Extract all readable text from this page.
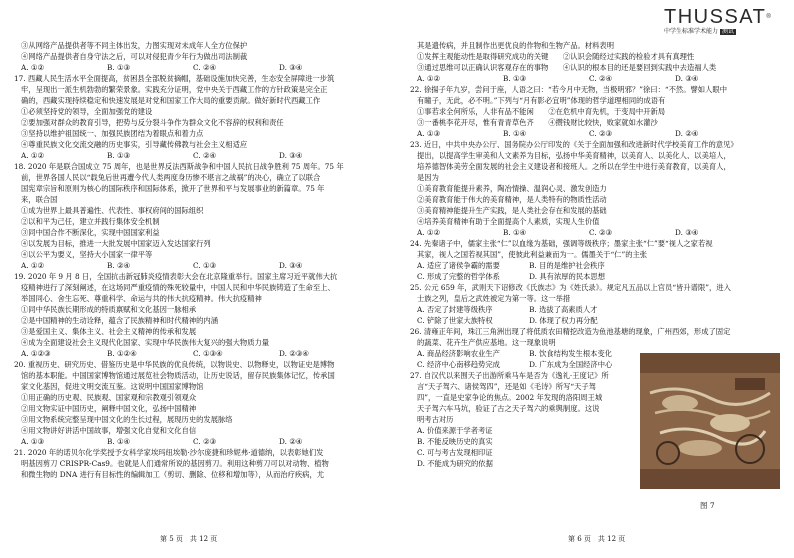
③从网络产品提供者等不同主体出发，力图实现对未成年人全方位保护

④网络产品提供者自身守法之后，可以对侵犯青少年行为做出司法制裁

A. ①②	B. ①③	C. ②④	D. ③④

17. 西藏人民生活水平全面提高，贫困县全部脱贫摘帽，基础设施加快完善，生态安全屏障进一步筑

牢，呈现出一派生机勃勃的繁荣景象。实践充分证明，党中央关于西藏工作的方针政策是完全正

确的，西藏实现持续稳定和快速发展是对党和国家工作大局的重要贡献。做好新时代西藏工作

①必须坚持党的领导，全面加强党的建设

②要加强对群众的教育引导，把势与反分裂斗争作为群众文化不容辞的权利和责任

③坚持以维护祖国统一、加强民族团结为着眼点和着力点

④尊重民族文化交流交融的历史事实，引导藏传佛教与社会主义相适应

A. ①②	B. ①③	C. ②④	D. ③④

18. 2020 年是联合国成立 75 周年，也是世界反法西斯战争和中国人民抗日战争胜利 75 周年。75 年

前，世界各国人民以“载兔后世再遭今代人类两度身历惨不堪言之战祸”的决心，确立了以联合

国宪章宗旨和原则为核心的国际秩序和国际体系，掀开了世界和平与发展事业的新篇章。75 年

来，联合国

①成为世界上最具普遍性、代表性、事权府间的国际组织

②以和平为己任，建立并践行集体安全机制

③同中国合作不断深化，实现中国国家利益

④以发展为目标，推进一大批发展中国家迈入发达国家行列

④以公平为要义，坚持大小国家一律平等

A. ①②	B. ②④	C. ①③	D. ③④

19. 2020 年 9 月 8 日，全国抗击新冠肺炎疫情表彰大会在北京隆重举行。国家主席习近平就伟大抗

疫精神进行了深刻阐述，在这场同严重疫情的殊死较量中，中国人民和中华民族铸造了生命至上、

举国同心、舍生忘死、尊重科学、命运与共的伟大抗疫精神。伟大抗疫精神

①同中华民族长期形成的特质禀赋和文化基因一脉相承

②是中国精神的生动诠释，蕴含了民族精神和时代精神的内涵

③是爱国主义、集体主义、社会主义精神的传承和发展

④成为全面建设社会主义现代化国家、实现中华民族伟大复兴的强大物质力量

A. ①②③	B. ①②④	C. ①③④	D. ②③④

20. 重视历史、研究历史、借鉴历史是中华民族的优良传统，以物说史、以物释史，以物证史是博物

馆的基本职能。中国国家博物馆通过展览社会物质活动，让历史说话，留存民族集体记忆，传承国

家文化基因，促进文明交流互鉴。这说明中国国家博物馆

①用正确的历史观、民族观、国家观和宗教观引领观众

②用文物实证中国历史，阐释中国文化，弘扬中国精神

③用文物系统完整呈现中国文化的生长过程，展现历史的发展脉络

④用文物讲好讲活中国故事，增强文化自觉和文化自信

A. ①③	B. ①④	C. ②③	D. ②④

21. 2020 年的诺贝尔化学奖授予女科学家埃玛纽埃勒·沙尔庞捷和珍妮弗·道德纳，以表彰她们发

明基因剪刀 CRISPR-Cas9。也就是人们通常所说的基因剪刀。利用这种剪刀可以对动物、植物

和微生物的 DNA 进行有目标性的编辑加工（剪切、删除、位移和增加等），从而治疗疾病，尤

其是遗传病，并且制作出更优良的作物和生物产品。材料表明

①发挥主观能动性是取得研究成功的关键　　②认识会随经过实践的检验才具有真理性

③通过思维可以正确认识客观存在的事物　　④认识的根本目的还是要回到实践中去造福人类

A. ①②	B. ①③	C. ②④	D. ③④

22. 徐揚子年九岁，尝问于座，人语之曰：“若今月中无物，当极明邪？”徐曰：“不然。譬如人眼中

有瞳子，无此，必不明。”下列与“月有影必宜明”体现的哲学道理相同的成语有

①事若求全何所乐，人非有品不能闲　　②在危机中育先机，于变局中开新局

③一番桃李花开尽，惟有青青草色齐　　④攒钱财比较快，败家就如水灌沙

A. ①③	B. ①④	C. ②③	D. ②④

23. 近日，中共中央办公厅、国务院办公厅印发的《关于全面加强和改进新时代学校美育工作的意见》

提出，以提高学生审美和人文素养为目标，弘扬中华美育精神，以美育人、以美化人、以美培人，

培养德智体美劳全面发展的社会主义建设者和接班人。之所以在学生中进行美育教育，以美育人，

是因为

①美育教育能提升素养，陶冶情操、温润心灵、激发创造力

②美育教育能于伟大的美育精神，是人类特有的物质性活动

③美育精神能提升生产实践，是人类社会存在和发展的基础

④培养美育精神有助于全面提高个人素质，实现人生价值

A. ①②	B. ①④	C. ②③	D. ③④

24. 先秦诸子中，儒家主张“仁”以血缘为基础，强调等级秩序；墨家主张“仁”要“视人之家若视

其家，视人之国若视其国”，使彼此利益兼而为一。儒墨关于“仁”的主张

A. 适应了诸侯争霸的需要　　　　B. 目的是维护社会秩序

C. 形成了完整的哲学体系　　　　D. 具有浓厚的民本思想

25. 公元 659 年，武则天下诏修改《氏族志》为《姓氏录》。规定凡五品以上官员“皆升谱限”，进入

士族之列，皇后之武姓被定为第一等。这一举措

A. 否定了封建等级秩序　　　　　B. 选拔了高素质人才

C. 铲除了世家大族特权　　　　　D. 体现了权力再分配

26. 清雍正年间，珠江三角洲出现了将低质农田精挖改造为鱼池基塘的现象，广州西郊，形成了固定

的蔬菜、花卉生产供应基地。这一现象说明

A. 商品经济影响农业生产　　　　B. 饮食结构发生根本变化

C. 经济中心南移趋势完成　　　　D. 广东成为全国经济中心

27. 自汉代以来围天子出游所乘马车是否为《逸礼·王度记》所

言“天子驾六、诸侯驾四”，还是如《毛诗》所写“天子驾

四”，一直是史家争论的焦点。2002 年发现的洛阳周王城

天子驾六车马坑，验证了古之天子驾六的乘舆制度。这说

明考古对历

A. 价值来源于学者考证

B. 不能反映历史的真实

C. 可与考古发现相印证

D. 不能成为研究的依据

THUSSAT®
中学生标准学术能力 测试
图 7
第 5 页　共 12 页	第 6 页　共 12 页
